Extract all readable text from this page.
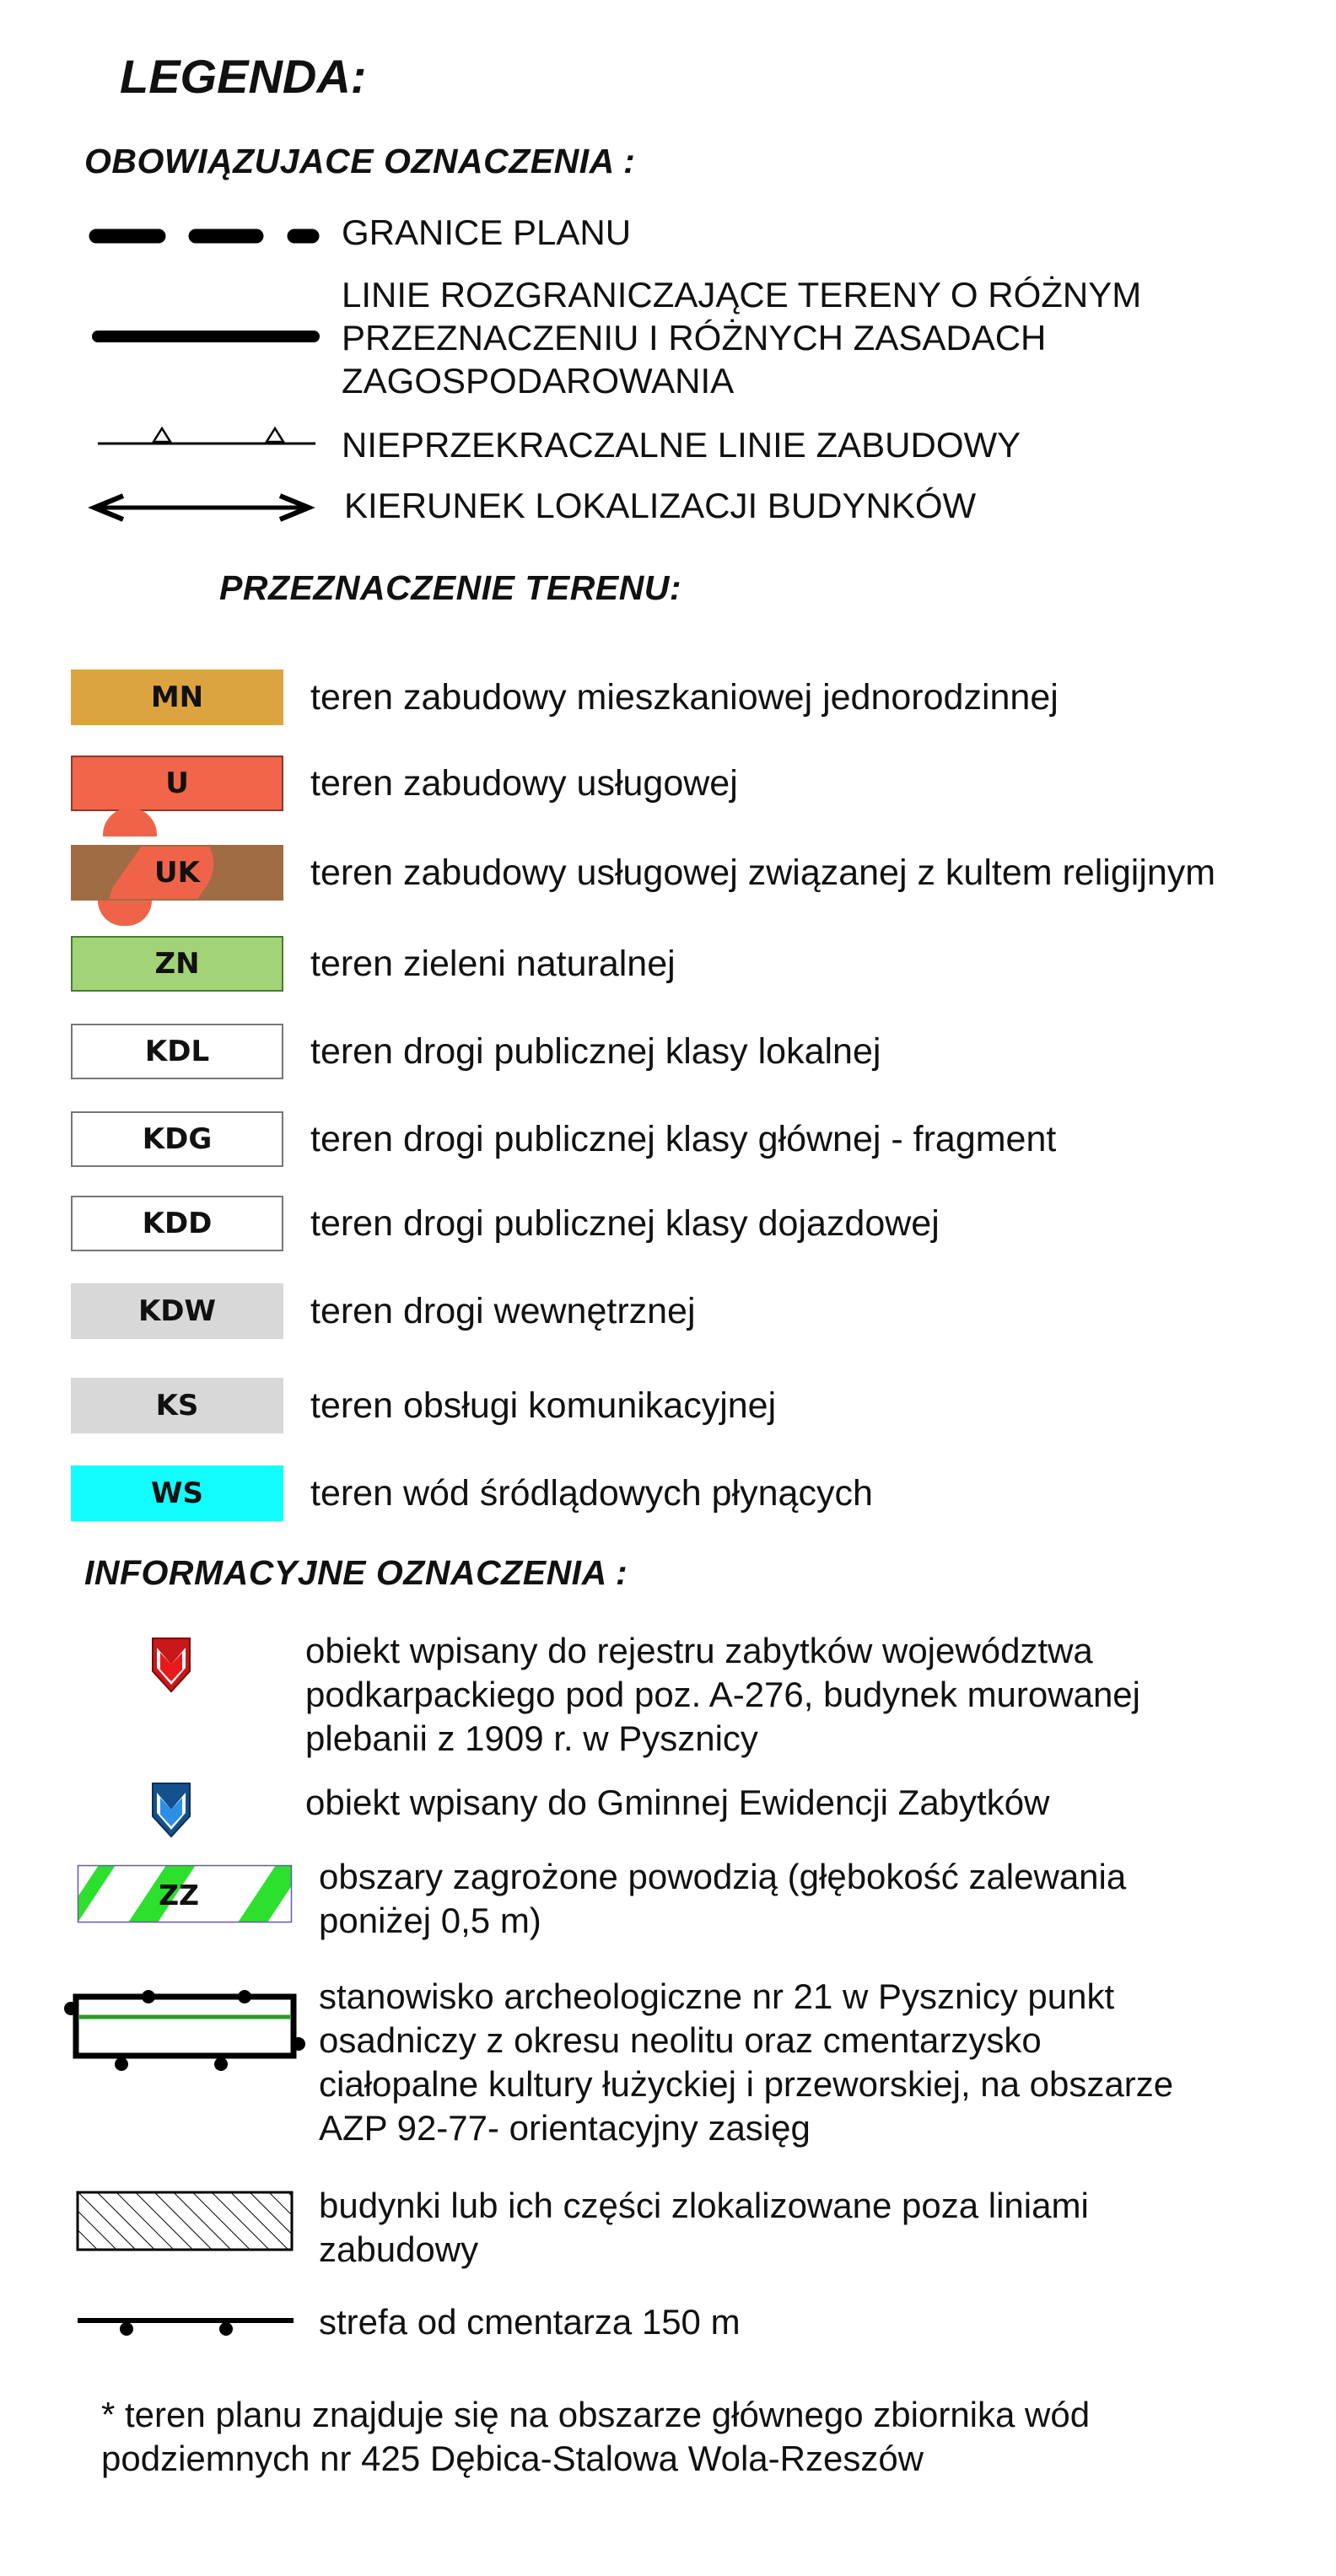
LEGENDA:
OBOWIĄZUJACE OZNACZENIA :
GRANICE PLANU
LINIE ROZGRANICZAJĄCE TERENY O RÓŻNYM
PRZEZNACZENIU I RÓŻNYCH ZASADACH
ZAGOSPODAROWANIA
NIEPRZEKRACZALNE LINIE ZABUDOWY
KIERUNEK LOKALIZACJI BUDYNKÓW
PRZEZNACZENIE TERENU:
MN	teren zabudowy mieszkaniowej jednorodzinnej
U	teren zabudowy usługowej
UK	teren zabudowy usługowej związanej z kultem religijnym
ZN	teren zieleni naturalnej
KDL	teren drogi publicznej klasy lokalnej
KDG	teren drogi publicznej klasy głównej - fragment
KDD	teren drogi publicznej klasy dojazdowej
KDW	teren drogi wewnętrznej
KS	teren obsługi komunikacyjnej
WS	teren wód śródlądowych płynących
INFORMACYJNE OZNACZENIA :
obiekt wpisany do rejestru zabytków województwa
podkarpackiego pod poz. A-276, budynek murowanej
plebanii z 1909 r. w Pysznicy
obiekt wpisany do Gminnej Ewidencji Zabytków
ZZ	obszary zagrożone powodzią (głębokość zalewania
poniżej 0,5 m)
stanowisko archeologiczne nr 21 w Pysznicy punkt
osadniczy z okresu neolitu oraz cmentarzysko
ciałopalne kultury łużyckiej i przeworskiej, na obszarze
AZP 92-77- orientacyjny zasięg
budynki lub ich części zlokalizowane poza liniami
zabudowy
strefa od cmentarza 150 m
* teren planu znajduje się na obszarze głównego zbiornika wód
podziemnych nr 425 Dębica-Stalowa Wola-Rzeszów
